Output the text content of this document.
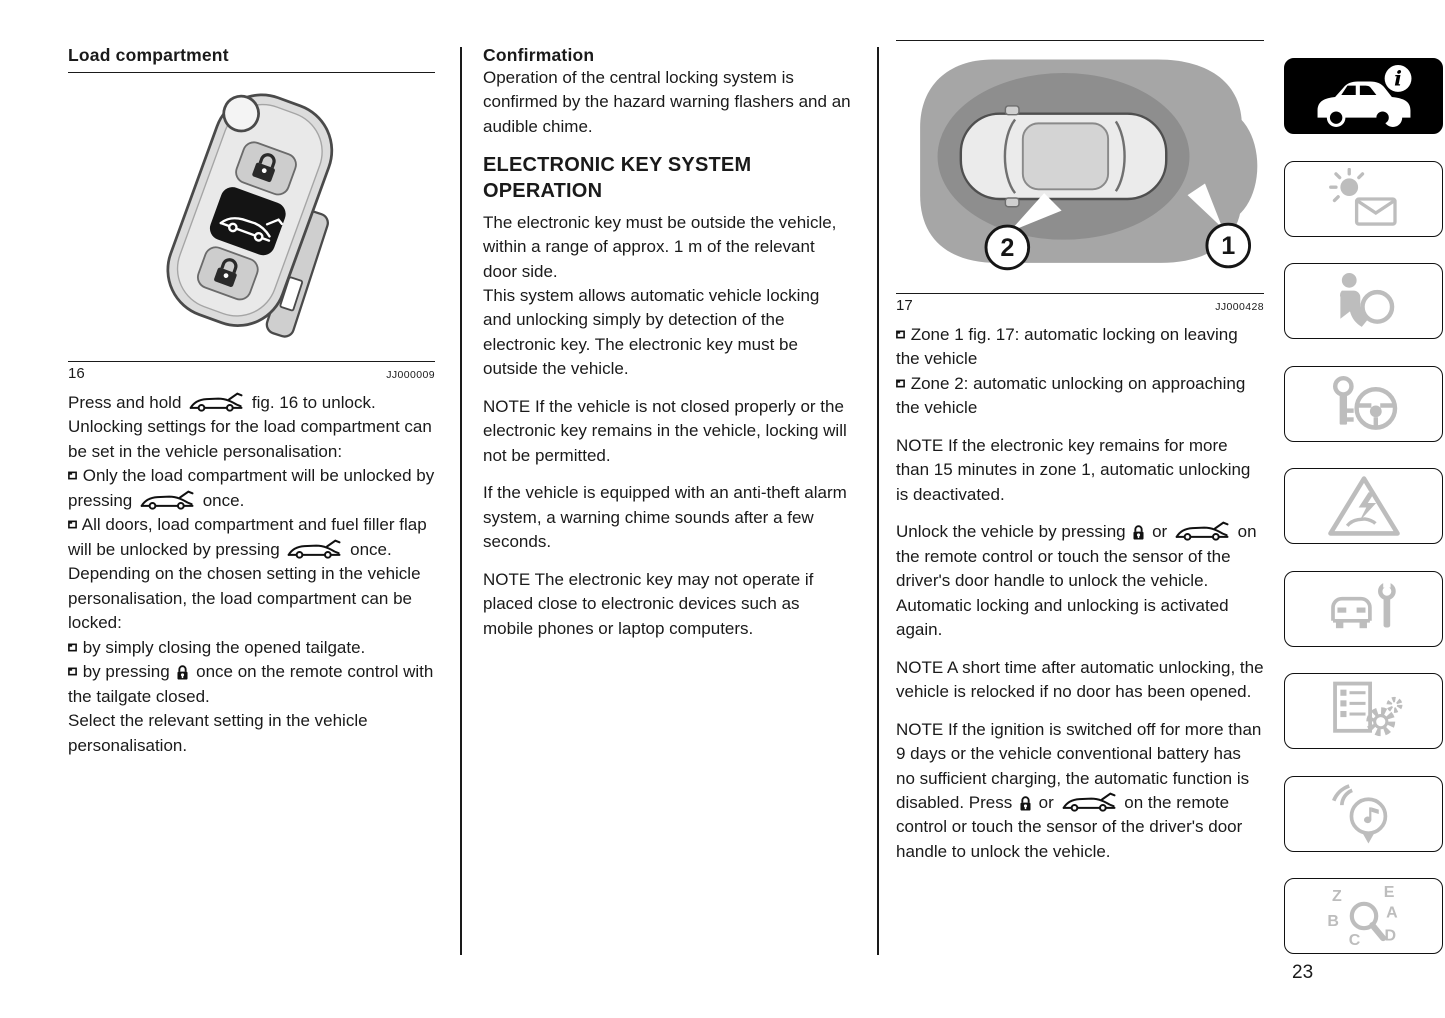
Load compartment
16	JJ000009

Press and hold	fig. 16 to unlock.

Unlocking settings for the load compartment can be set in the vehicle personalisation:

Only the load compartment will be unlocked by pressing	once.

All doors, load compartment and fuel filler flap will be unlocked by pressing	once.

Depending on the chosen setting in the vehicle personalisation, the load compartment can be locked:

by simply closing the opened tailgate.

by pressing  once on the remote control with the tailgate closed.

Select the relevant setting in the vehicle personalisation.

Confirmation

Operation of the central locking system is confirmed by the hazard warning flashers and an audible chime.

ELECTRONIC KEY SYSTEM OPERATION

The electronic key must be outside the vehicle, within a range of approx. 1 m of the relevant door side.

This system allows automatic vehicle locking and unlocking simply by detection of the electronic key. The electronic key must be outside the vehicle.

NOTE If the vehicle is not closed properly or the electronic key remains in the vehicle, locking will not be permitted.

If the vehicle is equipped with an anti-theft alarm system, a warning chime sounds after a few seconds.

NOTE The electronic key may not operate if placed close to electronic devices such as mobile phones or laptop computers.

2	1
17	JJ000428

Zone 1 fig. 17: automatic locking on leaving the vehicle

Zone 2: automatic unlocking on approaching the vehicle

NOTE If the electronic key remains for more than 15 minutes in zone 1, automatic unlocking is deactivated.

Unlock the vehicle by pressing  or	on the remote control or touch the sensor of the driver's door handle to unlock the vehicle. Automatic locking and unlocking is activated again.

NOTE A short time after automatic unlocking, the vehicle is relocked if no door has been opened.

NOTE If the ignition is switched off for more than 9 days or the vehicle conventional battery has no sufficient charging, the automatic function is disabled. Press  or	on the remote control or touch the sensor of the driver's door handle to unlock the vehicle.

i
Z E
B A
C D
23
